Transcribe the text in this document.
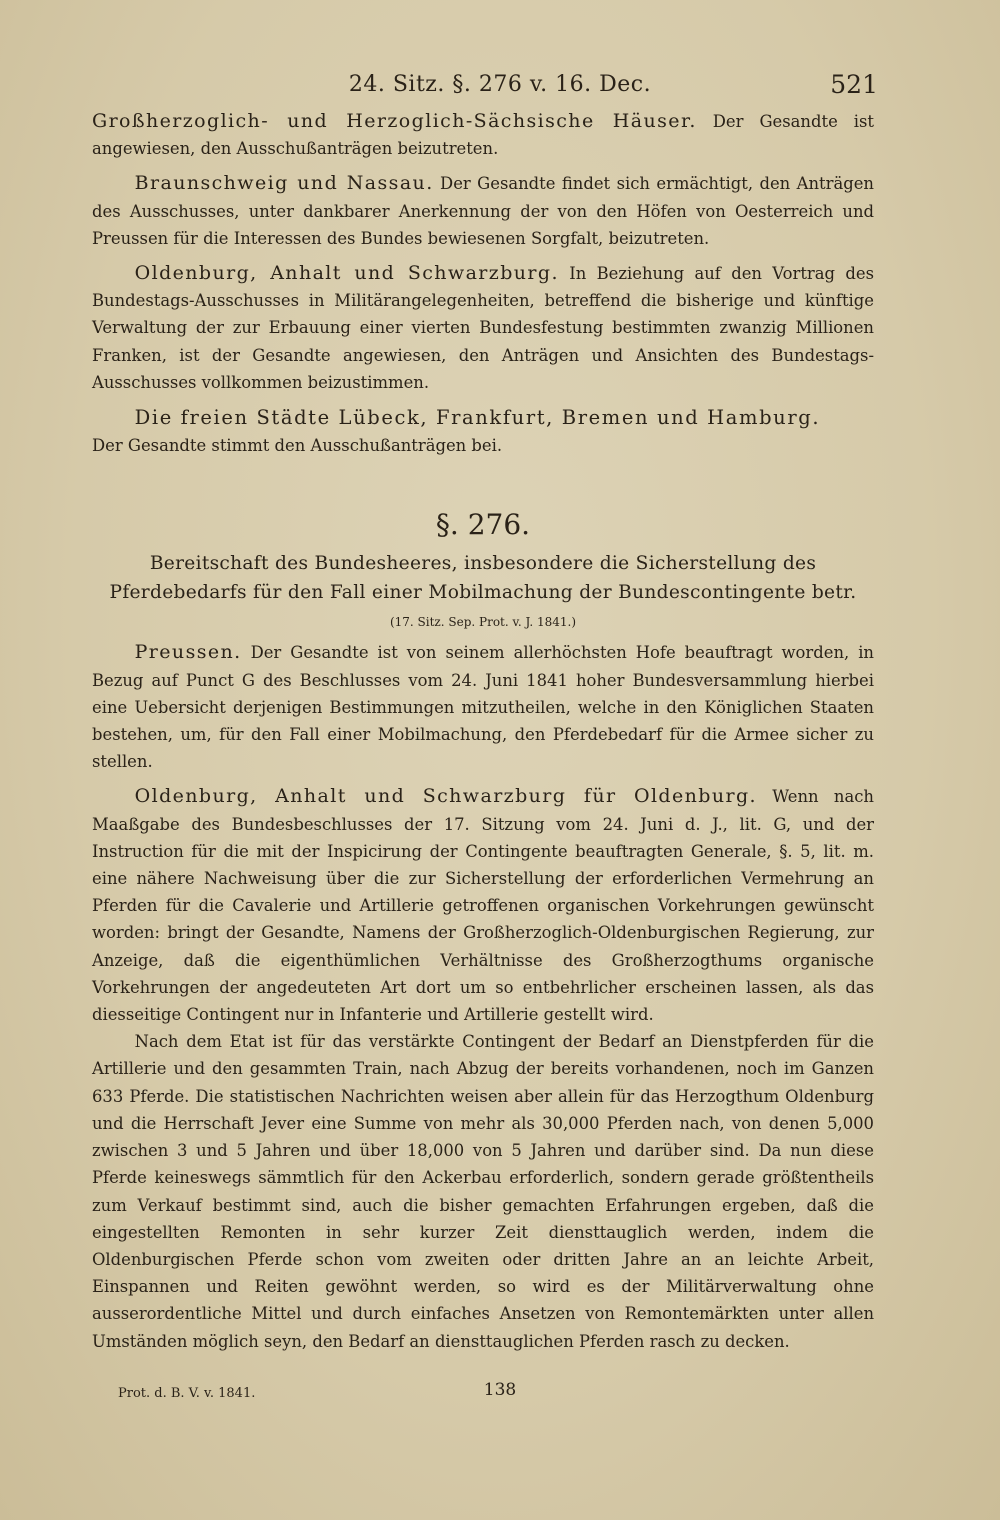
24. Sitz. §. 276 v. 16. Dec.	521

Großherzoglich- und Herzoglich-Sächsische Häuser. Der Gesandte ist angewiesen, den Ausschußanträgen beizutreten.

Braunschweig und Nassau. Der Gesandte findet sich ermächtigt, den Anträgen des Ausschusses, unter dankbarer Anerkennung der von den Höfen von Oesterreich und Preussen für die Interessen des Bundes bewiesenen Sorgfalt, beizutreten.

Oldenburg, Anhalt und Schwarzburg. In Beziehung auf den Vortrag des Bundestags-Ausschusses in Militärangelegenheiten, betreffend die bisherige und künftige Verwaltung der zur Erbauung einer vierten Bundesfestung bestimmten zwanzig Millionen Franken, ist der Gesandte angewiesen, den Anträgen und Ansichten des Bundestags-Ausschusses vollkommen beizustimmen.

Die freien Städte Lübeck, Frankfurt, Bremen und Hamburg.

Der Gesandte stimmt den Ausschußanträgen bei.

§. 276.
Bereitschaft des Bundesheeres, insbesondere die Sicherstellung des Pferdebedarfs für den Fall einer Mobilmachung der Bundescontingente betr.
(17. Sitz. Sep. Prot. v. J. 1841.)

Preussen. Der Gesandte ist von seinem allerhöchsten Hofe beauftragt worden, in Bezug auf Punct G des Beschlusses vom 24. Juni 1841 hoher Bundesversammlung hierbei eine Uebersicht derjenigen Bestimmungen mitzutheilen, welche in den Königlichen Staaten bestehen, um, für den Fall einer Mobilmachung, den Pferdebedarf für die Armee sicher zu stellen.

Oldenburg, Anhalt und Schwarzburg für Oldenburg. Wenn nach Maaßgabe des Bundesbeschlusses der 17. Sitzung vom 24. Juni d. J., lit. G, und der Instruction für die mit der Inspicirung der Contingente beauftragten Generale, §. 5, lit. m. eine nähere Nachweisung über die zur Sicherstellung der erforderlichen Vermehrung an Pferden für die Cavalerie und Artillerie getroffenen organischen Vorkehrungen gewünscht worden: bringt der Gesandte, Namens der Großherzoglich-Oldenburgischen Regierung, zur Anzeige, daß die eigenthümlichen Verhältnisse des Großherzogthums organische Vorkehrungen der angedeuteten Art dort um so entbehrlicher erscheinen lassen, als das diesseitige Contingent nur in Infanterie und Artillerie gestellt wird.

Nach dem Etat ist für das verstärkte Contingent der Bedarf an Dienstpferden für die Artillerie und den gesammten Train, nach Abzug der bereits vorhandenen, noch im Ganzen 633 Pferde. Die statistischen Nachrichten weisen aber allein für das Herzogthum Oldenburg und die Herrschaft Jever eine Summe von mehr als 30,000 Pferden nach, von denen 5,000 zwischen 3 und 5 Jahren und über 18,000 von 5 Jahren und darüber sind. Da nun diese Pferde keineswegs sämmtlich für den Ackerbau erforderlich, sondern gerade größtentheils zum Verkauf bestimmt sind, auch die bisher gemachten Erfahrungen ergeben, daß die eingestellten Remonten in sehr kurzer Zeit diensttauglich werden, indem die Oldenburgischen Pferde schon vom zweiten oder dritten Jahre an an leichte Arbeit, Einspannen und Reiten gewöhnt werden, so wird es der Militärverwaltung ohne ausserordentliche Mittel und durch einfaches Ansetzen von Remontemärkten unter allen Umständen möglich seyn, den Bedarf an diensttauglichen Pferden rasch zu decken.

Prot. d. B. V. v. 1841.	138
